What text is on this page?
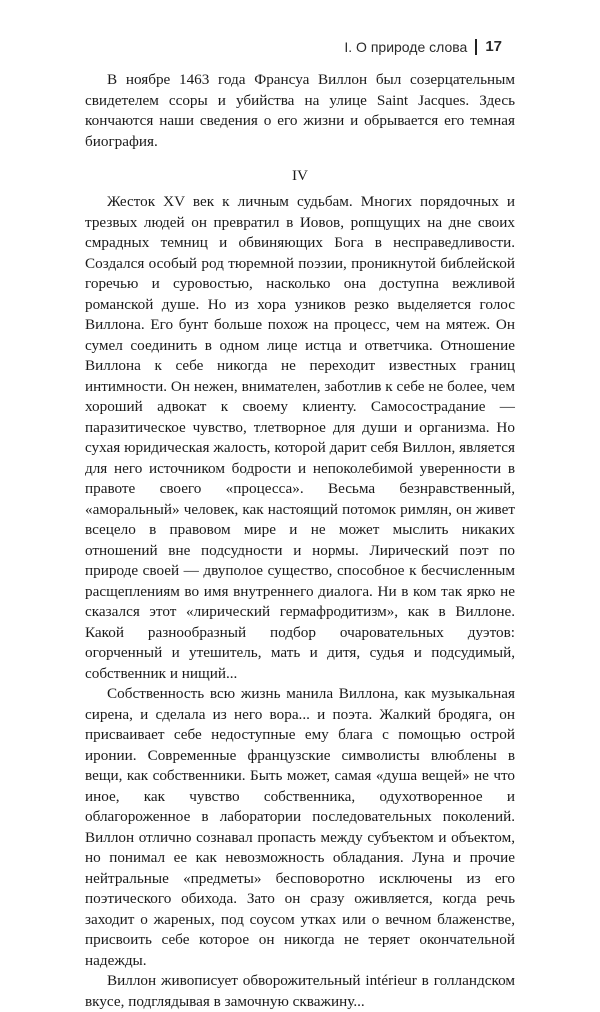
I. О природе слова 17

В ноябре 1463 года Франсуа Виллон был созерцательным свидетелем ссоры и убийства на улице Saint Jacques. Здесь кончаются наши сведения о его жизни и обрывается его темная биография.

IV

Жесток XV век к личным судьбам. Многих порядочных и трезвых людей он превратил в Иовов, ропщущих на дне своих смрадных темниц и обвиняющих Бога в несправедливости. Создался особый род тюремной поэзии, проникнутой библейской горечью и суровостью, насколько она доступна вежливой романской душе. Но из хора узников резко выделяется голос Виллона. Его бунт больше похож на процесс, чем на мятеж. Он сумел соединить в одном лице истца и ответчика. Отношение Виллона к себе никогда не переходит известных границ интимности. Он нежен, внимателен, заботлив к себе не более, чем хороший адвокат к своему клиенту. Самосострадание — паразитическое чувство, тлетворное для души и организма. Но сухая юридическая жалость, которой дарит себя Виллон, является для него источником бодрости и непоколебимой уверенности в правоте своего «процесса». Весьма безнравственный, «аморальный» человек, как настоящий потомок римлян, он живет всецело в правовом мире и не может мыслить никаких отношений вне подсудности и нормы. Лирический поэт по природе своей — двуполое существо, способное к бесчисленным расщеплениям во имя внутреннего диалога. Ни в ком так ярко не сказался этот «лирический гермафродитизм», как в Виллоне. Какой разнообразный подбор очаровательных дуэтов: огорченный и утешитель, мать и дитя, судья и подсудимый, собственник и нищий...

Собственность всю жизнь манила Виллона, как музыкальная сирена, и сделала из него вора... и поэта. Жалкий бродяга, он присваивает себе недоступные ему блага с помощью острой иронии. Современные французские символисты влюблены в вещи, как собственники. Быть может, самая «душа вещей» не что иное, как чувство собственника, одухотворенное и облагороженное в лаборатории последовательных поколений. Виллон отлично сознавал пропасть между субъектом и объектом, но понимал ее как невозможность обладания. Луна и прочие нейтральные «предметы» бесповоротно исключены из его поэтического обихода. Зато он сразу оживляется, когда речь заходит о жареных, под соусом утках или о вечном блаженстве, присвоить себе которое он никогда не теряет окончательной надежды.

Виллон живописует обворожительный intérieur в голландском вкусе, подглядывая в замочную скважину...
